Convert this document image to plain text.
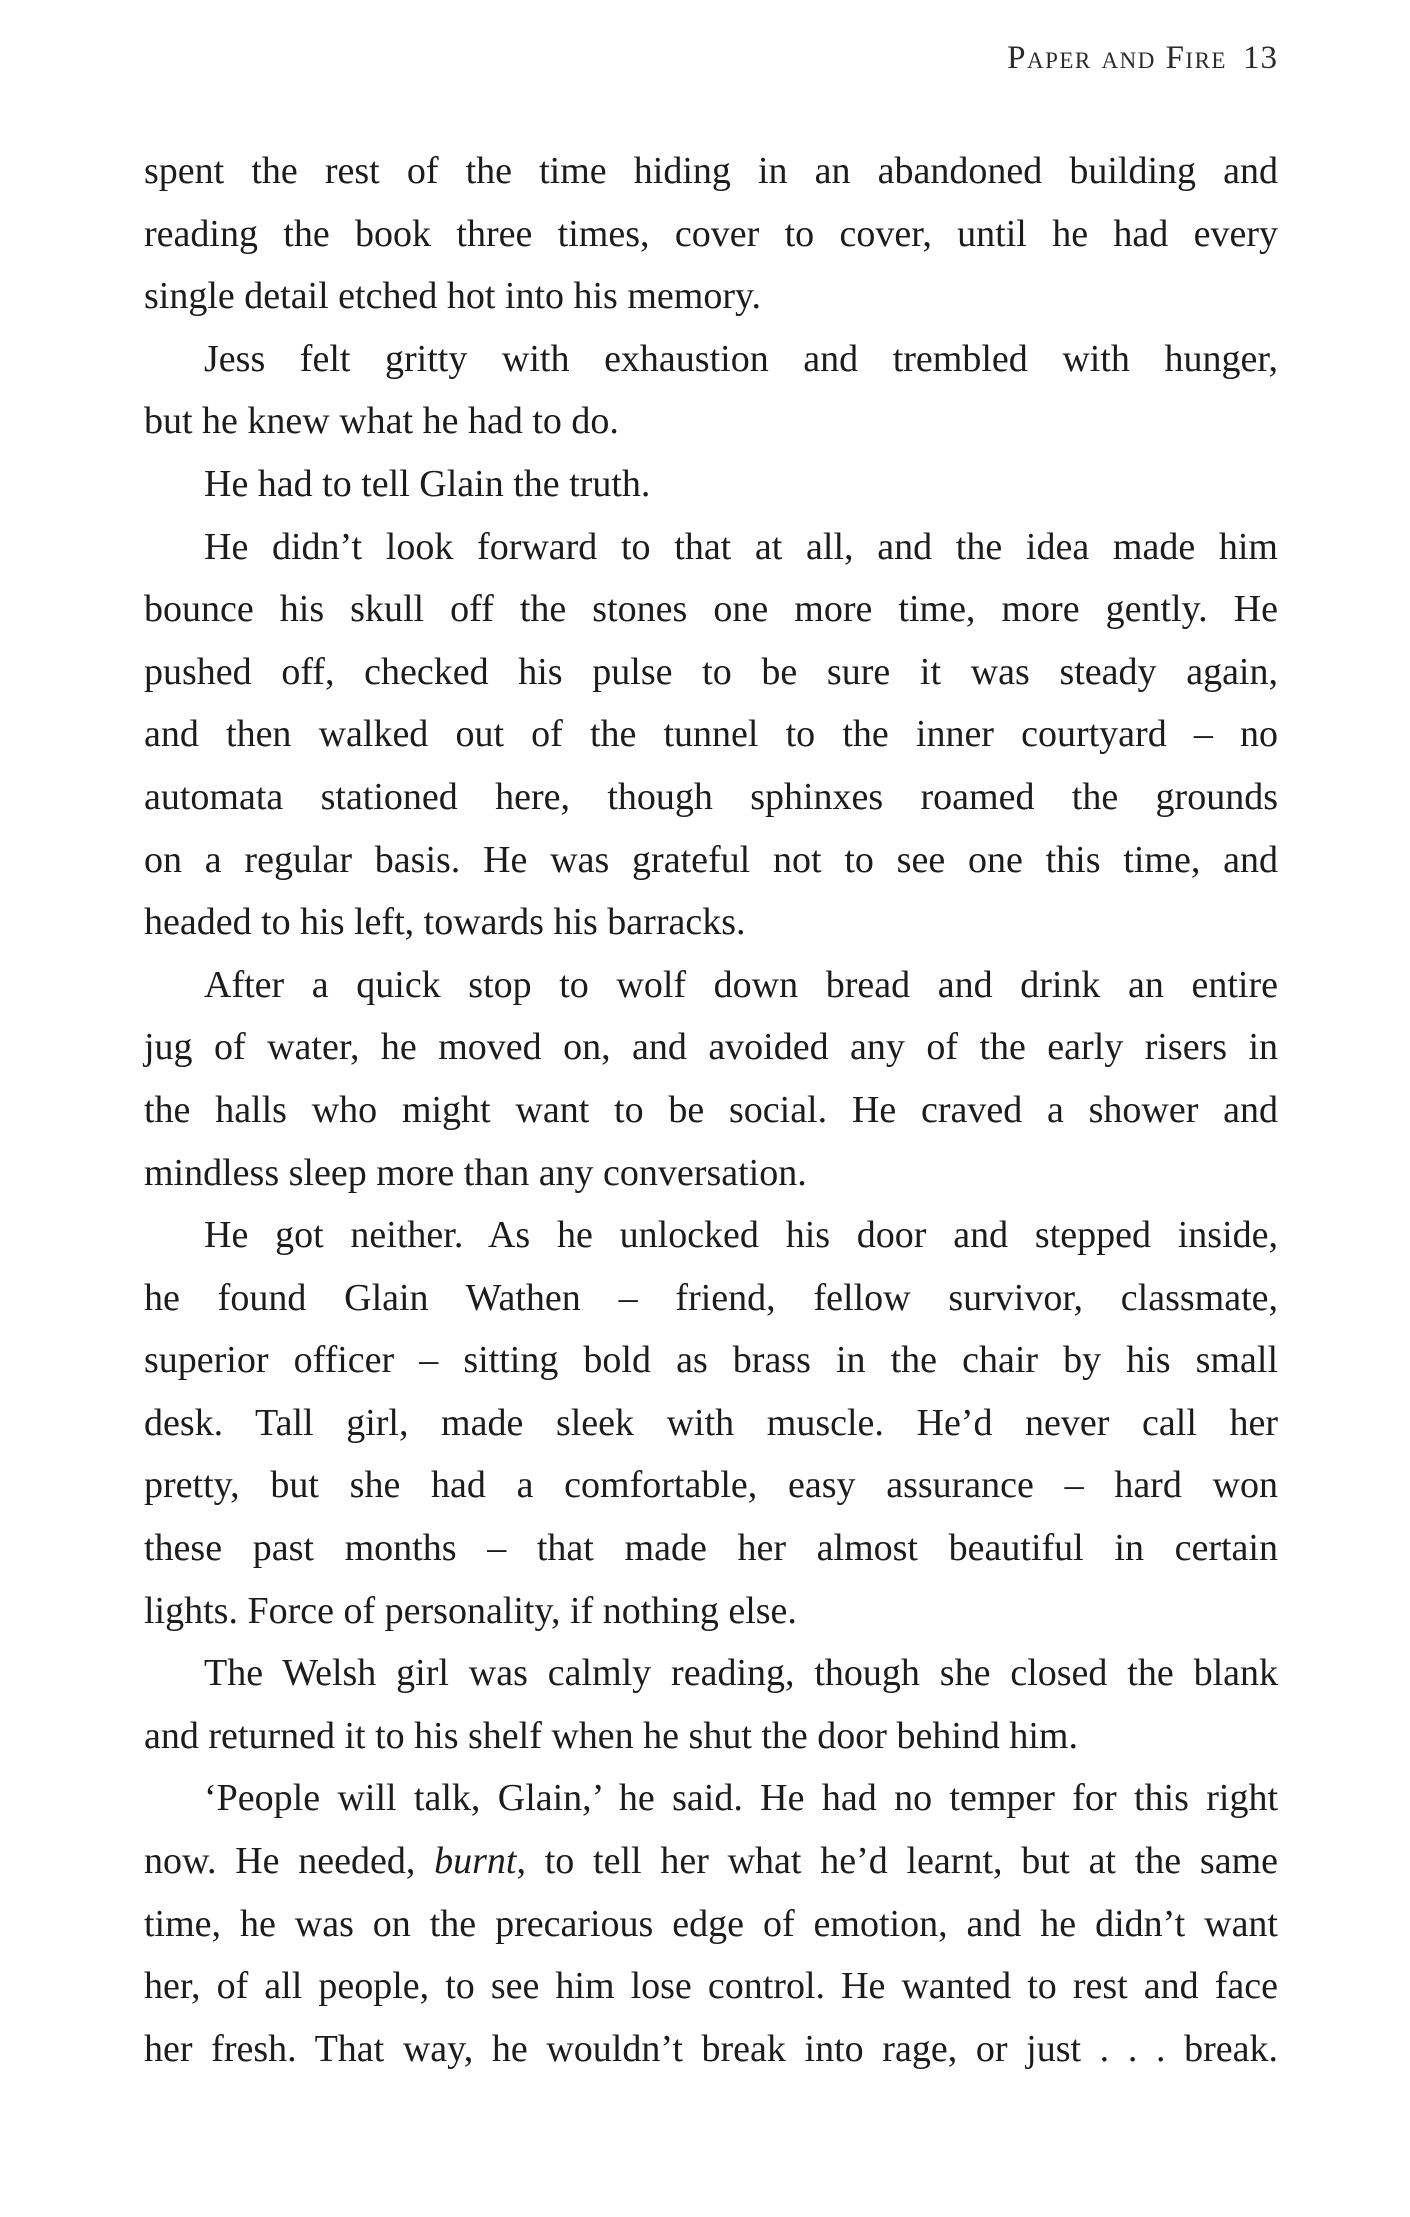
Paper and Fire 13
spent the rest of the time hiding in an abandoned building and
reading the book three times, cover to cover, until he had every
single detail etched hot into his memory.
Jess felt gritty with exhaustion and trembled with hunger,
but he knew what he had to do.
He had to tell Glain the truth.
He didn’t look forward to that at all, and the idea made him
bounce his skull off the stones one more time, more gently. He
pushed off, checked his pulse to be sure it was steady again,
and then walked out of the tunnel to the inner courtyard – no
automata stationed here, though sphinxes roamed the grounds
on a regular basis. He was grateful not to see one this time, and
headed to his left, towards his barracks.
After a quick stop to wolf down bread and drink an entire
jug of water, he moved on, and avoided any of the early risers in
the halls who might want to be social. He craved a shower and
mindless sleep more than any conversation.
He got neither. As he unlocked his door and stepped inside,
he found Glain Wathen – friend, fellow survivor, classmate,
superior officer – sitting bold as brass in the chair by his small
desk. Tall girl, made sleek with muscle. He’d never call her
pretty, but she had a comfortable, easy assurance – hard won
these past months – that made her almost beautiful in certain
lights. Force of personality, if nothing else.
The Welsh girl was calmly reading, though she closed the blank
and returned it to his shelf when he shut the door behind him.
‘People will talk, Glain,’ he said. He had no temper for this right
now. He needed, burnt, to tell her what he’d learnt, but at the same
time, he was on the precarious edge of emotion, and he didn’t want
her, of all people, to see him lose control. He wanted to rest and face
her fresh. That way, he wouldn’t break into rage, or just . . . break.
